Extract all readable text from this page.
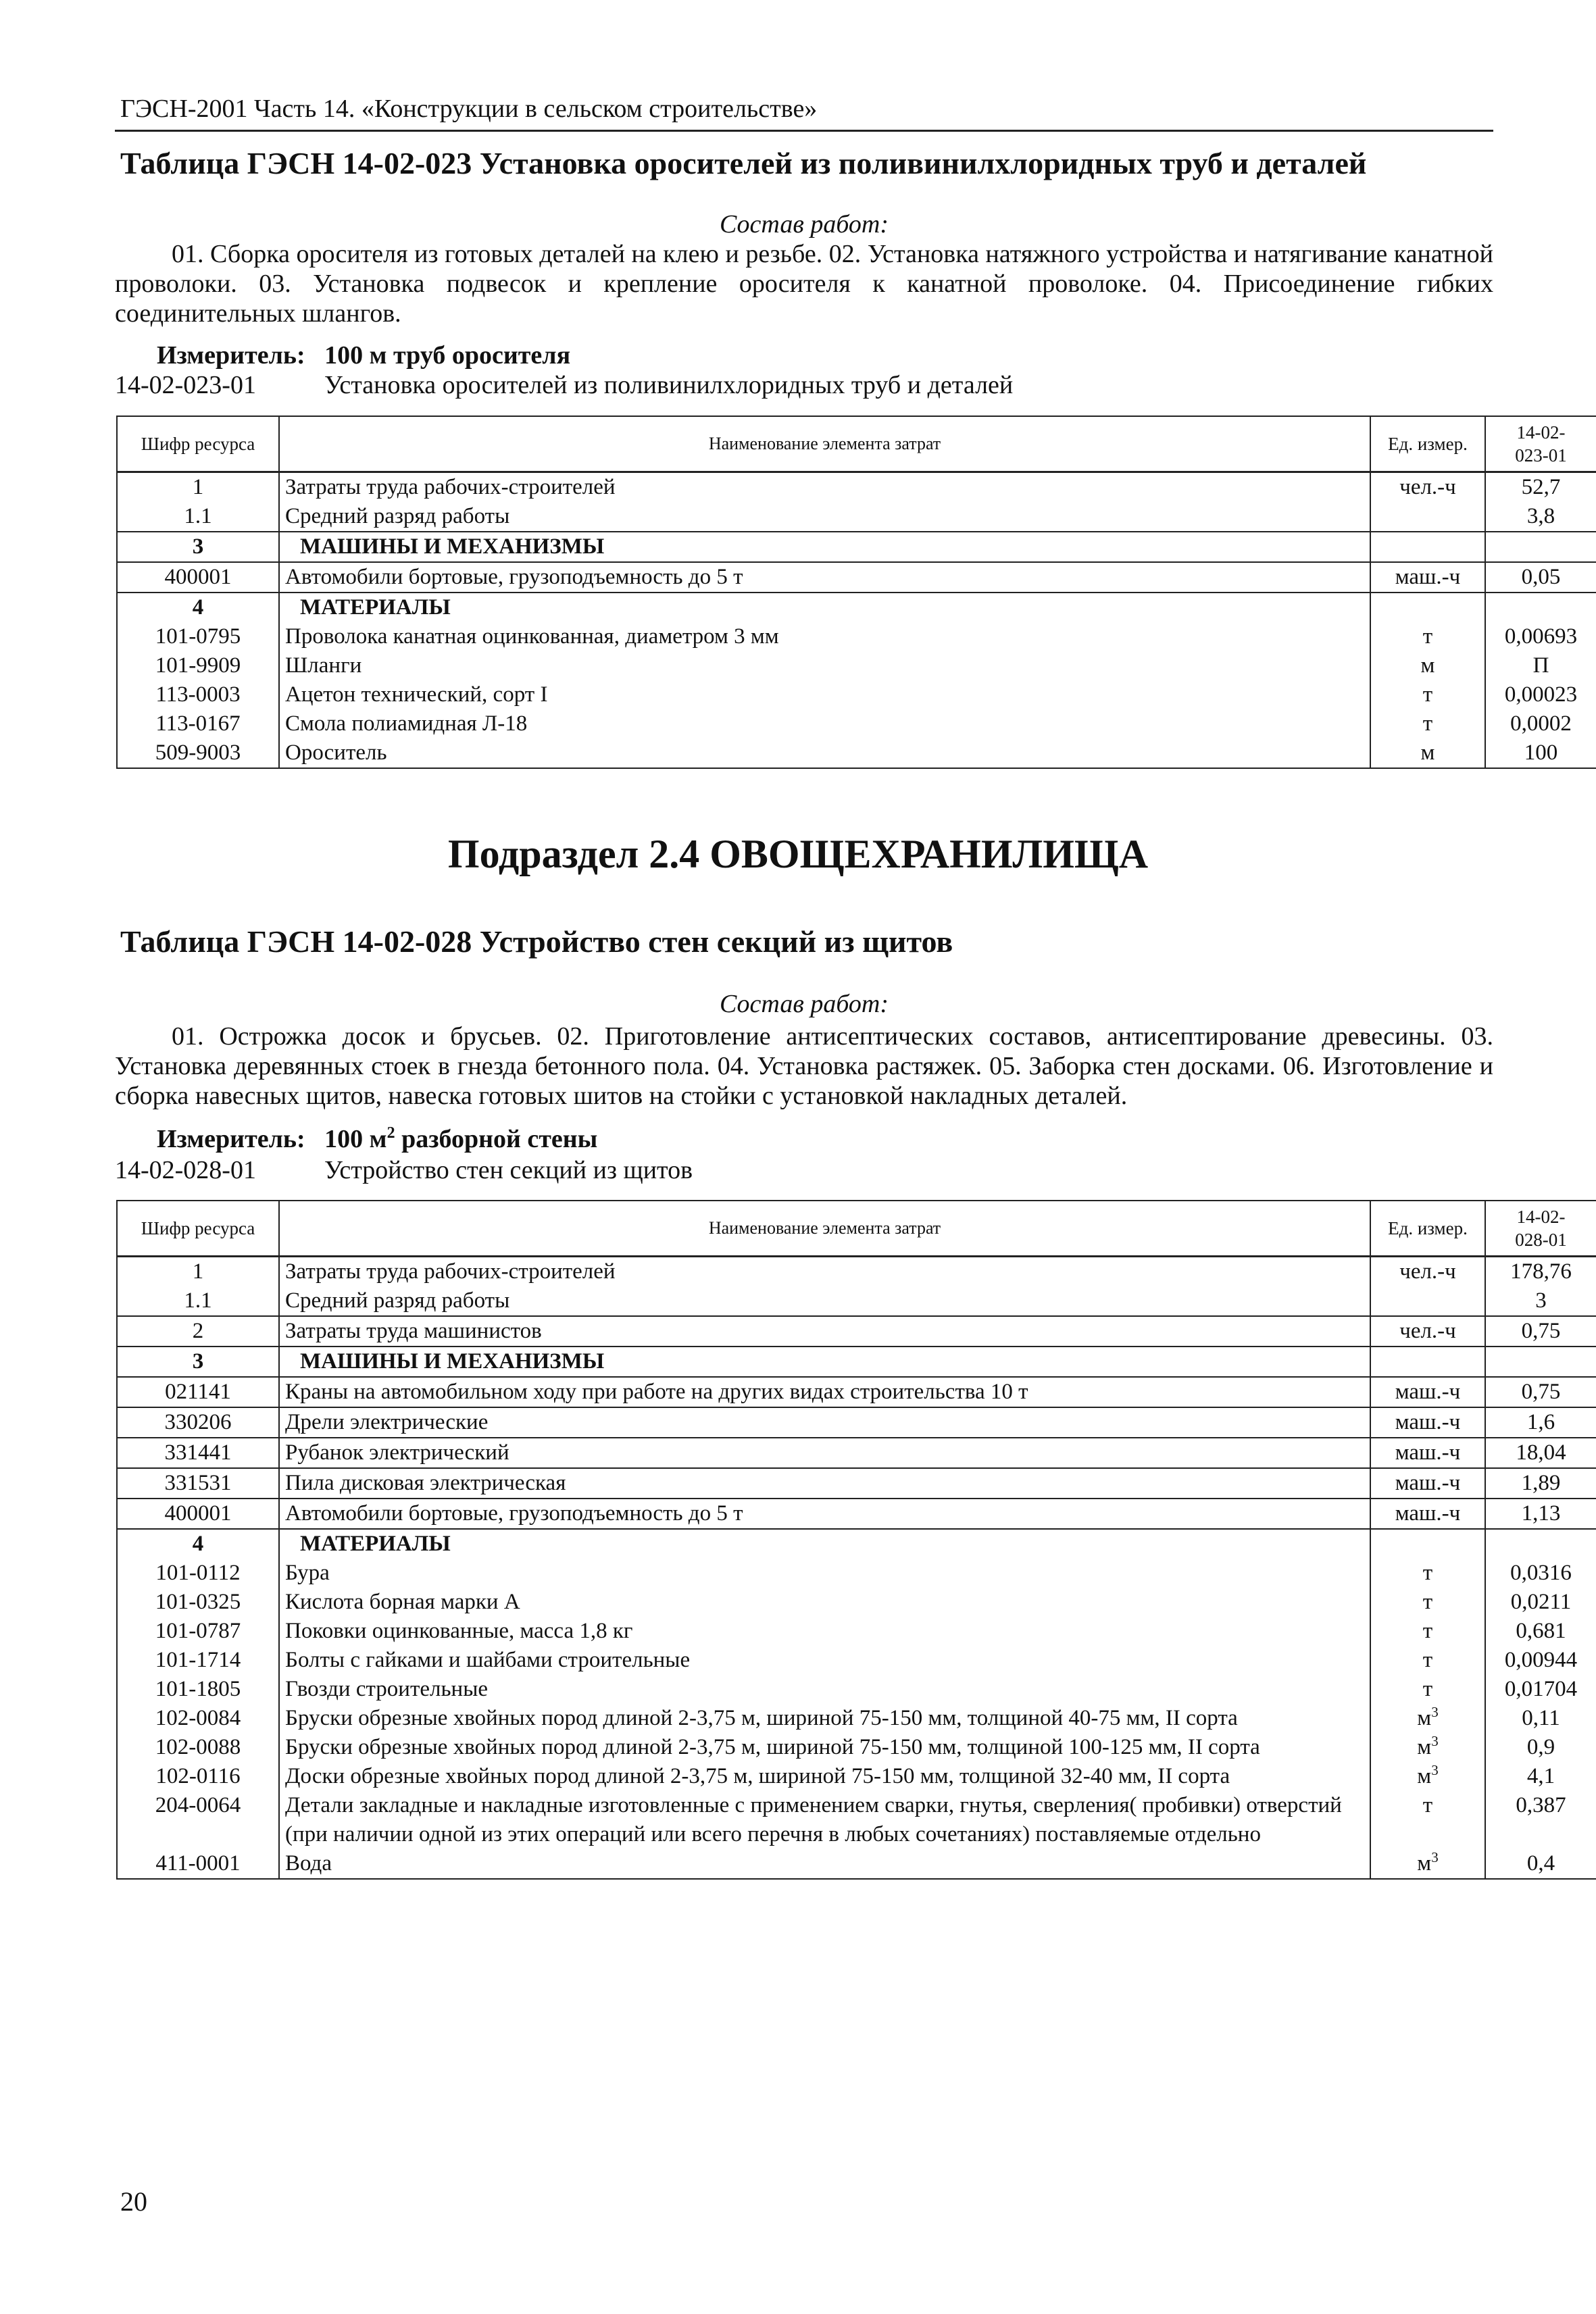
ГЭСН-2001 Часть 14. «Конструкции в сельском строительстве»
Таблица ГЭСН 14-02-023 Установка оросителей из поливинилхлоридных труб и деталей
Состав работ:
01. Сборка оросителя из готовых деталей на клею и резьбе. 02. Установка натяжного устройства и натягивание канатной проволоки. 03. Установка подвесок и крепление оросителя к канатной проволоке. 04. Присоединение гибких соединительных шлангов.
Измеритель: 100 м труб оросителя
14-02-023-01	Установка оросителей из поливинилхлоридных труб и деталей
Шифр ресурса	Наименование элемента затрат	Ед. измер.	14-02-
023-01
1	Затраты труда рабочих-строителей	чел.-ч	52,7
1.1	Средний разряд работы		3,8
3	МАШИНЫ И МЕХАНИЗМЫ		
400001	Автомобили бортовые, грузоподъемность до 5 т	маш.-ч	0,05
4	МАТЕРИАЛЫ		
101-0795	Проволока канатная оцинкованная, диаметром 3 мм	т	0,00693
101-9909	Шланги	м	П
113-0003	Ацетон технический, сорт I	т	0,00023
113-0167	Смола полиамидная Л-18	т	0,0002
509-9003	Ороситель	м	100
Подраздел 2.4 ОВОЩЕХРАНИЛИЩА
Таблица ГЭСН 14-02-028 Устройство стен секций из щитов
Состав работ:
01. Острожка досок и брусьев. 02. Приготовление антисептических составов, антисептирование древесины. 03. Установка деревянных стоек в гнезда бетонного пола. 04. Установка растяжек. 05. Заборка стен досками. 06. Изготовление и сборка навесных щитов, навеска готовых шитов на стойки с установкой накладных деталей.
Измеритель: 100 $м^2$ разборной стены
14-02-028-01	Устройство стен секций из щитов
Шифр ресурса	Наименование элемента затрат	Ед. измер.	14-02-
028-01
1	Затраты труда рабочих-строителей	чел.-ч	178,76
1.1	Средний разряд работы		3
2	Затраты труда машинистов	чел.-ч	0,75
3	МАШИНЫ И МЕХАНИЗМЫ		
021141	Краны на автомобильном ходу при работе на других видах строительства 10 т	маш.-ч	0,75
330206	Дрели электрические	маш.-ч	1,6
331441	Рубанок электрический	маш.-ч	18,04
331531	Пила дисковая электрическая	маш.-ч	1,89
400001	Автомобили бортовые, грузоподъемность до 5 т	маш.-ч	1,13
4	МАТЕРИАЛЫ		
101-0112	Бура	т	0,0316
101-0325	Кислота борная марки А	т	0,0211
101-0787	Поковки оцинкованные, масса 1,8 кг	т	0,681
101-1714	Болты с гайками и шайбами строительные	т	0,00944
101-1805	Гвозди строительные	т	0,01704
102-0084	Бруски обрезные хвойных пород длиной 2-3,75 м, шириной 75-150 мм, толщиной 40-75 мм, II сорта	$м^3$	0,11
102-0088	Бруски обрезные хвойных пород длиной 2-3,75 м, шириной 75-150 мм, толщиной 100-125 мм, II сорта	$м^3$	0,9
102-0116	Доски обрезные хвойных пород длиной 2-3,75 м, шириной 75-150 мм, толщиной 32-40 мм, II сорта	$м^3$	4,1
204-0064	Детали закладные и накладные изготовленные с применением сварки, гнутья, сверления( пробивки) отверстий (при наличии одной из этих операций или всего перечня в любых сочетаниях) поставляемые отдельно	т	0,387
411-0001	Вода	$м^3$	0,4
20
